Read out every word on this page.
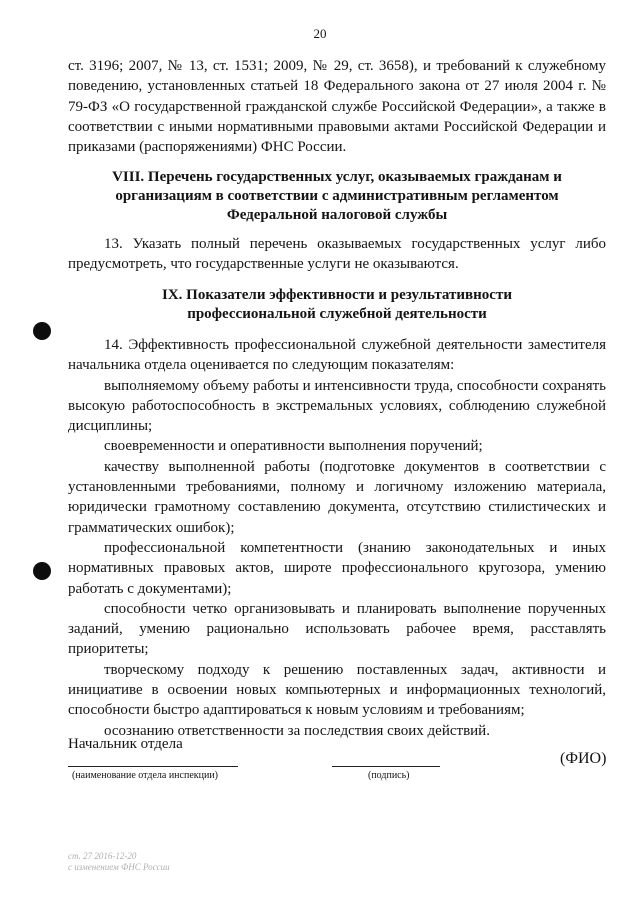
20

ст. 3196; 2007, № 13, ст. 1531; 2009, № 29, ст. 3658), и требований к служебному поведению, установленных статьей 18 Федерального закона от 27 июля 2004 г. № 79-ФЗ «О государственной гражданской службе Российской Федерации», а также в соответствии с иными нормативными правовыми актами Российской Федерации и приказами (распоряжениями) ФНС России.

VIII. Перечень государственных услуг, оказываемых гражданам и
организациям в соответствии с административным регламентом
Федеральной налоговой службы

13. Указать полный перечень оказываемых государственных услуг либо предусмотреть, что государственные услуги не оказываются.

IX. Показатели эффективности и результативности
профессиональной служебной деятельности

14. Эффективность профессиональной служебной деятельности заместителя начальника отдела оценивается по следующим показателям:

выполняемому объему работы и интенсивности труда, способности сохранять высокую работоспособность в экстремальных условиях, соблюдению служебной дисциплины;

своевременности и оперативности выполнения поручений;

качеству выполненной работы (подготовке документов в соответствии с установленными требованиями, полному и логичному изложению материала, юридически грамотному составлению документа, отсутствию стилистических и грамматических ошибок);

профессиональной компетентности (знанию законодательных и иных нормативных правовых актов, широте профессионального кругозора, умению работать с документами);

способности четко организовывать и планировать выполнение порученных заданий, умению рационально использовать рабочее время, расставлять приоритеты;

творческому подходу к решению поставленных задач, активности и инициативе в освоении новых компьютерных и информационных технологий, способности быстро адаптироваться к новым условиям и требованиям;

осознанию ответственности за последствия своих действий.

Начальник отдела
(ФИО)
(наименование отдела инспекции)	(подпись)
ст. 27 2016-12-20
с изменением ФНС России
